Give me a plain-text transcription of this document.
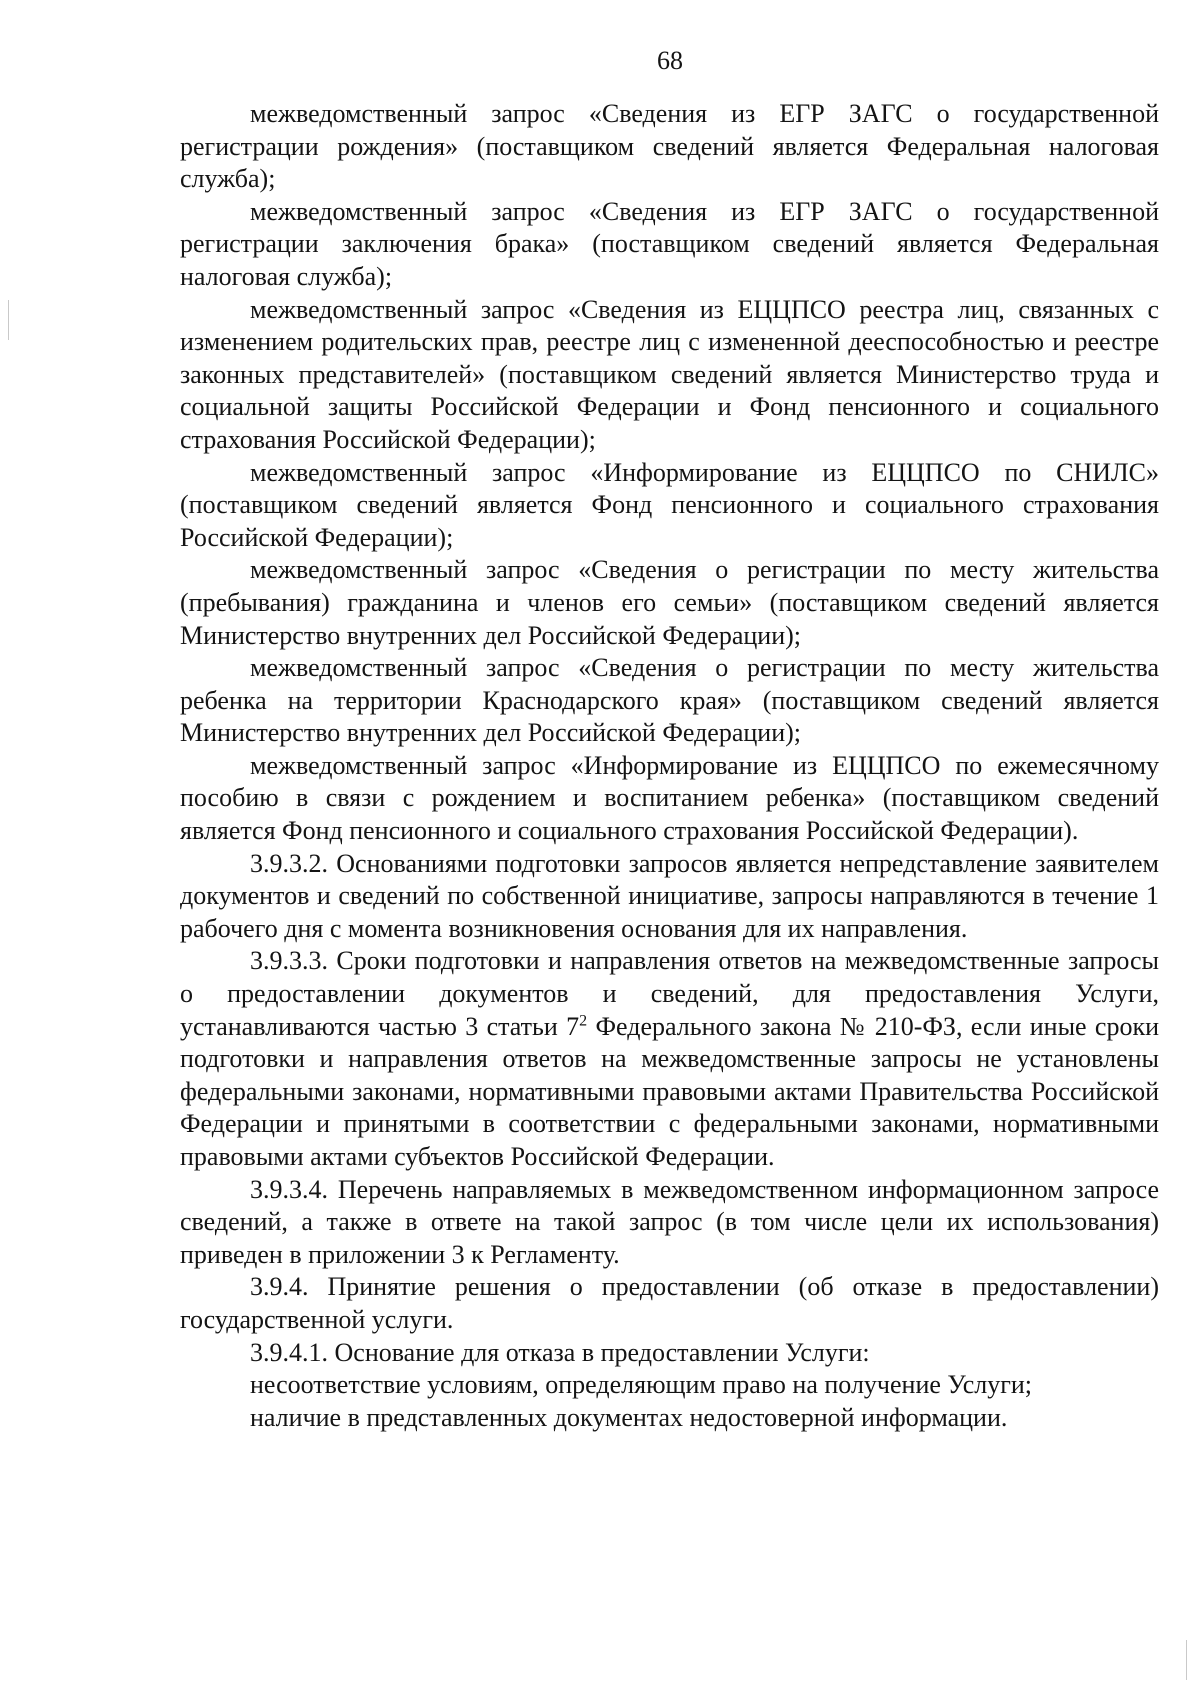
68

межведомственный запрос «Сведения из ЕГР ЗАГС о государственной регистрации рождения» (поставщиком сведений является Федеральная налоговая служба);

межведомственный запрос «Сведения из ЕГР ЗАГС о государственной регистрации заключения брака» (поставщиком сведений является Федеральная налоговая служба);

межведомственный запрос «Сведения из ЕЦЦПСО реестра лиц, связанных с изменением родительских прав, реестре лиц с измененной дееспособностью и реестре законных представителей» (поставщиком сведений является Министерство труда и социальной защиты Российской Федерации и Фонд пенсионного и социального страхования Российской Федерации);

межведомственный запрос «Информирование из ЕЦЦПСО по СНИЛС» (поставщиком сведений является Фонд пенсионного и социального страхования Российской Федерации);

межведомственный запрос «Сведения о регистрации по месту жительства (пребывания) гражданина и членов его семьи» (поставщиком сведений является Министерство внутренних дел Российской Федерации);

межведомственный запрос «Сведения о регистрации по месту жительства ребенка на территории Краснодарского края» (поставщиком сведений является Министерство внутренних дел Российской Федерации);

межведомственный запрос «Информирование из ЕЦЦПСО по ежемесячному пособию в связи с рождением и воспитанием ребенка» (поставщиком сведений является Фонд пенсионного и социального страхования Российской Федерации).

3.9.3.2. Основаниями подготовки запросов является непредставление заявителем документов и сведений по собственной инициативе, запросы направляются в течение 1 рабочего дня с момента возникновения основания для их направления.

3.9.3.3. Сроки подготовки и направления ответов на межведомственные запросы о предоставлении документов и сведений, для предоставления Услуги, устанавливаются частью 3 статьи $7^2$ Федерального закона № 210-ФЗ, если иные сроки подготовки и направления ответов на межведомственные запросы не установлены федеральными законами, нормативными правовыми актами Правительства Российской Федерации и принятыми в соответствии с федеральными законами, нормативными правовыми актами субъектов Российской Федерации.

3.9.3.4. Перечень направляемых в межведомственном информационном запросе сведений, а также в ответе на такой запрос (в том числе цели их использования) приведен в приложении 3 к Регламенту.

3.9.4. Принятие решения о предоставлении (об отказе в предоставлении) государственной услуги.

3.9.4.1. Основание для отказа в предоставлении Услуги:

несоответствие условиям, определяющим право на получение Услуги;

наличие в представленных документах недостоверной информации.
